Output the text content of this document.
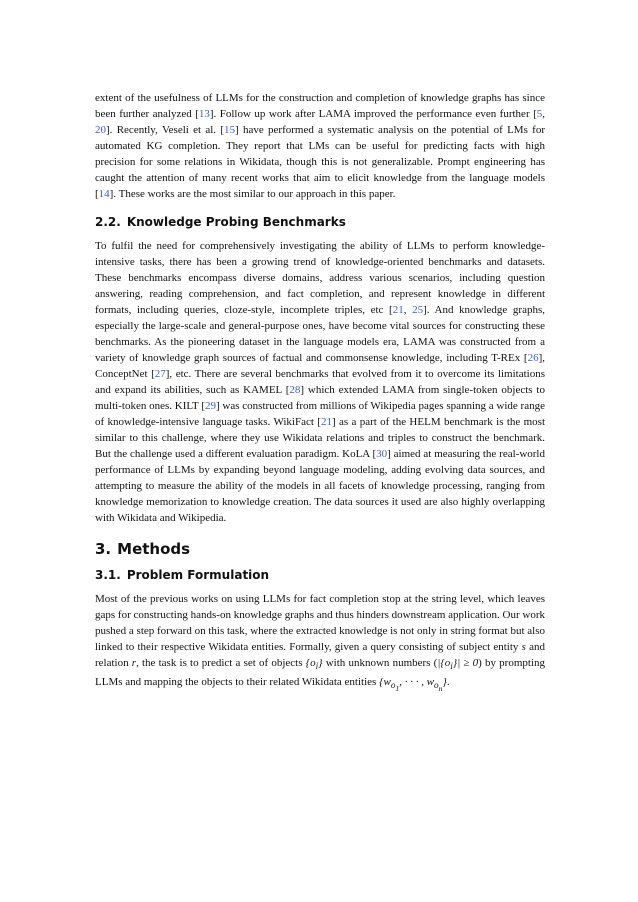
extent of the usefulness of LLMs for the construction and completion of knowledge graphs has since been further analyzed [13]. Follow up work after LAMA improved the performance even further [5, 20]. Recently, Veseli et al. [15] have performed a systematic analysis on the potential of LMs for automated KG completion. They report that LMs can be useful for predicting facts with high precision for some relations in Wikidata, though this is not generalizable. Prompt engineering has caught the attention of many recent works that aim to elicit knowledge from the language models [14]. These works are the most similar to our approach in this paper.

2.2. Knowledge Probing Benchmarks

To fulfil the need for comprehensively investigating the ability of LLMs to perform knowledge-intensive tasks, there has been a growing trend of knowledge-oriented benchmarks and datasets. These benchmarks encompass diverse domains, address various scenarios, including question answering, reading comprehension, and fact completion, and represent knowledge in different formats, including queries, cloze-style, incomplete triples, etc [21, 25]. And knowledge graphs, especially the large-scale and general-purpose ones, have become vital sources for constructing these benchmarks. As the pioneering dataset in the language models era, LAMA was constructed from a variety of knowledge graph sources of factual and commonsense knowledge, including T-REx [26], ConceptNet [27], etc. There are several benchmarks that evolved from it to overcome its limitations and expand its abilities, such as KAMEL [28] which extended LAMA from single-token objects to multi-token ones. KILT [29] was constructed from millions of Wikipedia pages spanning a wide range of knowledge-intensive language tasks. WikiFact [21] as a part of the HELM benchmark is the most similar to this challenge, where they use Wikidata relations and triples to construct the benchmark. But the challenge used a different evaluation paradigm. KoLA [30] aimed at measuring the real-world performance of LLMs by expanding beyond language modeling, adding evolving data sources, and attempting to measure the ability of the models in all facets of knowledge processing, ranging from knowledge memorization to knowledge creation. The data sources it used are also highly overlapping with Wikidata and Wikipedia.

3. Methods
3.1. Problem Formulation

Most of the previous works on using LLMs for fact completion stop at the string level, which leaves gaps for constructing hands-on knowledge graphs and thus hinders downstream application. Our work pushed a step forward on this task, where the extracted knowledge is not only in string format but also linked to their respective Wikidata entities. Formally, given a query consisting of subject entity s and relation r, the task is to predict a set of objects $\{o_i\}$ with unknown numbers $(|\{o_i\}| \ge 0)$ by prompting LLMs and mapping the objects to their related Wikidata entities {$w_{o_1}$, · · · , $w_{o_n}$}.
